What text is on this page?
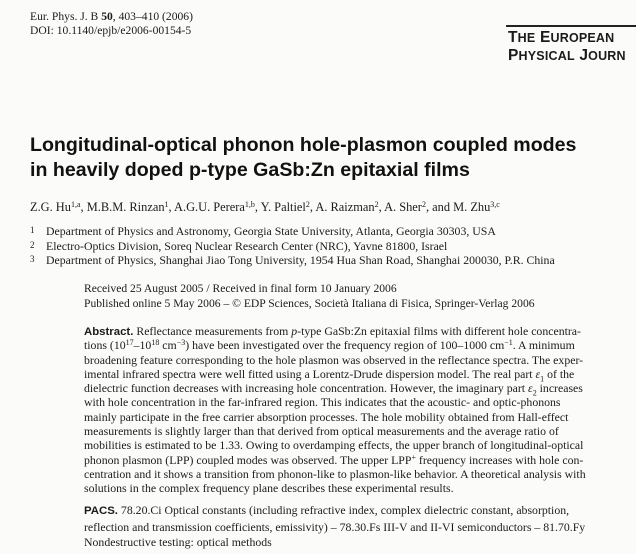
Eur. Phys. J. B 50, 403–410 (2006)
DOI: 10.1140/epjb/e2006-00154-5	THE EUROPEAN
PHYSICAL JOURN
Longitudinal-optical phonon hole-plasmon coupled modes
in heavily doped p-type GaSb:Zn epitaxial films
Z.G. Hu$^{1,a}$, M.B.M. Rinzan$^1$, A.G.U. Perera$^{1,b}$, Y. Paltiel$^2$, A. Raizman$^2$, A. Sher$^2$, and M. Zhu$^{3,c}$
1 Department of Physics and Astronomy, Georgia State University, Atlanta, Georgia 30303, USA
2 Electro-Optics Division, Soreq Nuclear Research Center (NRC), Yavne 81800, Israel
3 Department of Physics, Shanghai Jiao Tong University, 1954 Hua Shan Road, Shanghai 200030, P.R. China
Received 25 August 2005 / Received in final form 10 January 2006
Published online 5 May 2006 – © EDP Sciences, Società Italiana di Fisica, Springer-Verlag 2006
Abstract. Reflectance measurements from p-type GaSb:Zn epitaxial films with different hole concentra-
tions ($10^{17}-10^{18}$ $cm^{-3}$) have been investigated over the frequency region of 100–1000 $cm^{-1}$. A minimum
broadening feature corresponding to the hole plasmon was observed in the reflectance spectra. The exper-
imental infrared spectra were well fitted using a Lorentz-Drude dispersion model. The real part $\varepsilon_1$ of the
dielectric function decreases with increasing hole concentration. However, the imaginary part $\varepsilon_2$ increases
with hole concentration in the far-infrared region. This indicates that the acoustic- and optic-phonons
mainly participate in the free carrier absorption processes. The hole mobility obtained from Hall-effect
measurements is slightly larger than that derived from optical measurements and the average ratio of
mobilities is estimated to be 1.33. Owing to overdamping effects, the upper branch of longitudinal-optical
phonon plasmon (LPP) coupled modes was observed. The upper LPP+ frequency increases with hole con-
centration and it shows a transition from phonon-like to plasmon-like behavior. A theoretical analysis with
solutions in the complex frequency plane describes these experimental results.
PACS. 78.20.Ci Optical constants (including refractive index, complex dielectric constant, absorption,
reflection and transmission coefficients, emissivity) – 78.30.Fs III-V and II-VI semiconductors – 81.70.Fy
Nondestructive testing: optical methods
